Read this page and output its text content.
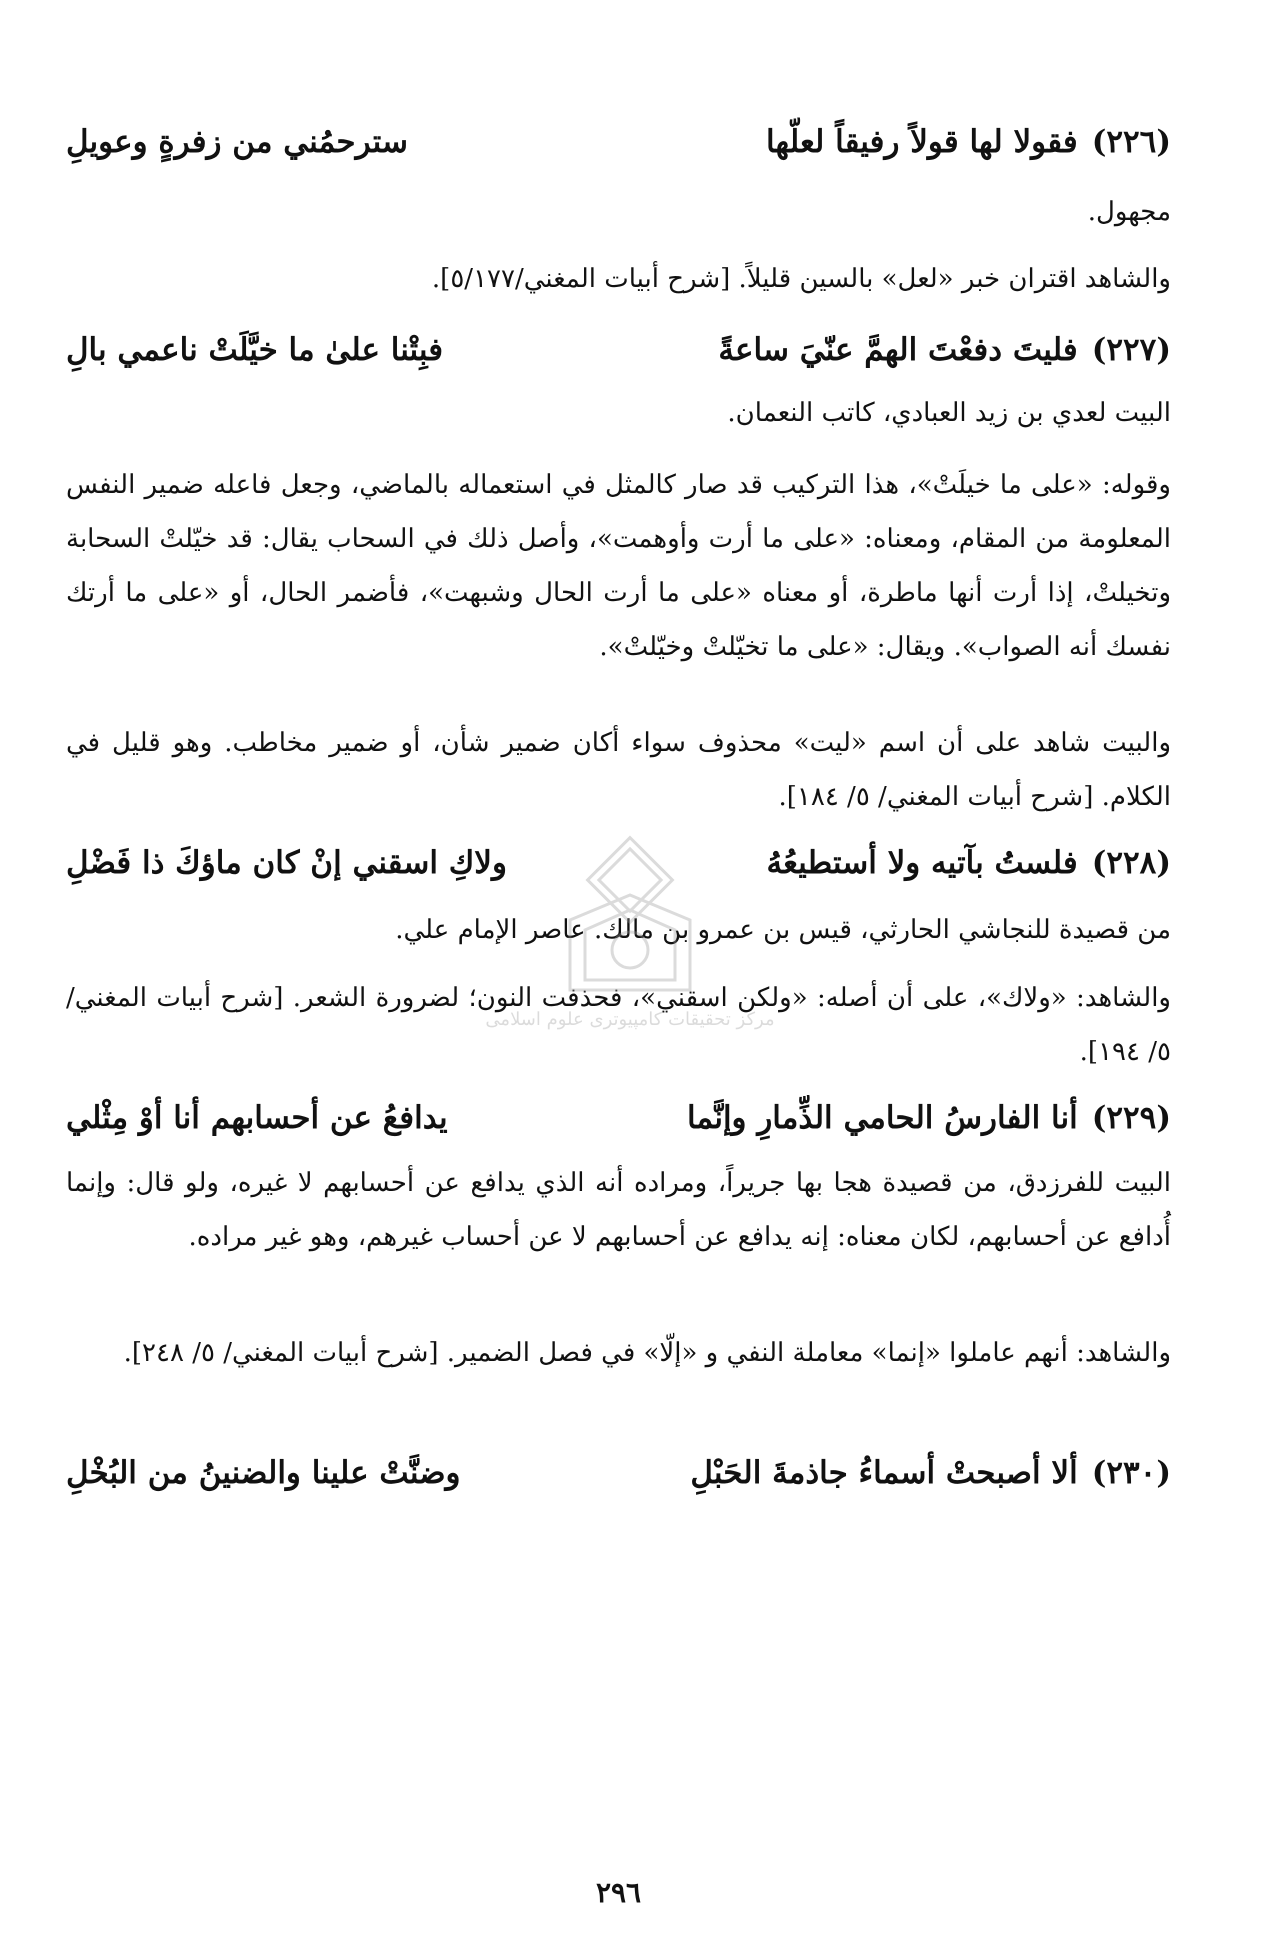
(٢٢٦)
فقولا لها قولاً رفيقاً لعلّها
سترحمُني من زفرةٍ وعويلِ
مجهول.
والشاهد اقتران خبر «لعل» بالسين قليلاً. [شرح أبيات المغني/٥/١٧٧].
(٢٢٧)
فليتَ دفعْتَ الهمَّ عنّيَ ساعةً
فبِتْنا علىٰ ما خيَّلَتْ ناعمي بالِ
البيت لعدي بن زيد العبادي، كاتب النعمان.
وقوله: «على ما خيلَتْ»، هذا التركيب قد صار كالمثل في استعماله بالماضي، وجعل فاعله ضمير النفس المعلومة من المقام، ومعناه: «على ما أرت وأوهمت»، وأصل ذلك في السحاب يقال: قد خيّلتْ السحابة وتخيلتْ، إذا أرت أنها ماطرة، أو معناه «على ما أرت الحال وشبهت»، فأضمر الحال، أو «على ما أرتك نفسك أنه الصواب». ويقال: «على ما تخيّلتْ وخيّلتْ».
والبيت شاهد على أن اسم «ليت» محذوف سواء أكان ضمير شأن، أو ضمير مخاطب. وهو قليل في الكلام. [شرح أبيات المغني/ ٥/ ١٨٤].
(٢٢٨)
فلستُ بآتيه ولا أستطيعُهُ
ولاكِ اسقني إنْ كان ماؤكَ ذا فَضْلِ
من قصيدة للنجاشي الحارثي، قيس بن عمرو بن مالك. عاصر الإمام علي.
والشاهد: «ولاك»، على أن أصله: «ولكن اسقني»، فحذفت النون؛ لضرورة الشعر. [شرح أبيات المغني/ ٥/ ١٩٤].
(٢٢٩)
أنا الفارسُ الحامي الذِّمارِ وإنَّما
يدافعُ عن أحسابهم أنا أوْ مِثْلي
البيت للفرزدق، من قصيدة هجا بها جريراً، ومراده أنه الذي يدافع عن أحسابهم لا غيره، ولو قال: وإنما أُدافع عن أحسابهم، لكان معناه: إنه يدافع عن أحسابهم لا عن أحساب غيرهم، وهو غير مراده.
والشاهد: أنهم عاملوا «إنما» معاملة النفي و «إلّا» في فصل الضمير. [شرح أبيات المغني/ ٥/ ٢٤٨].
(٢٣٠)
ألا أصبحتْ أسماءُ جاذمةَ الحَبْلِ
وضنَّتْ علينا والضنينُ من البُخْلِ
٢٩٦
مركز تحقيقات كامپيوتری علوم اسلامی
